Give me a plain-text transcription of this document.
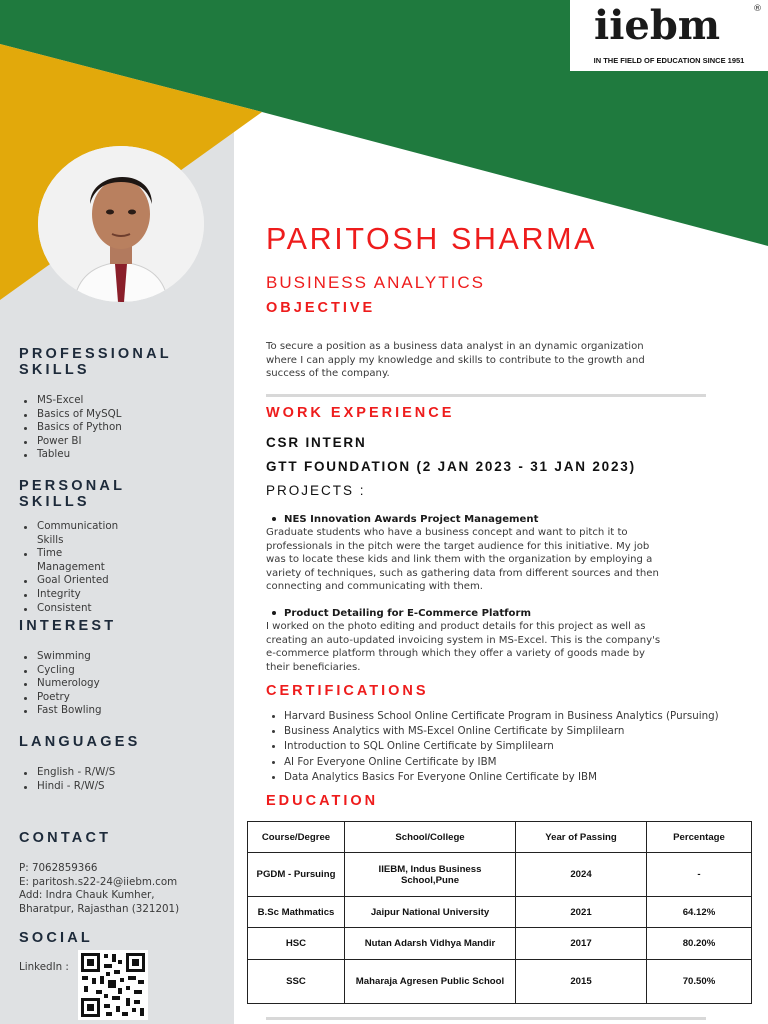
iiebm	®
IN THE FIELD OF EDUCATION SINCE 1951
PROFESSIONAL
SKILLS
MS-Excel
Basics of MySQL
Basics of Python
Power BI
Tableu
PERSONAL
SKILLS
Communication Skills
Time Management
Goal Oriented
Integrity
Consistent
INTEREST
Swimming
Cycling
Numerology
Poetry
Fast Bowling
LANGUAGES
English - R/W/S
Hindi - R/W/S
CONTACT
P: 7062859366
E: paritosh.s22-24@iiebm.com
Add: Indra Chauk Kumher,
Bharatpur, Rajasthan (321201)
SOCIAL
LinkedIn :
PARITOSH SHARMA
BUSINESS ANALYTICS
OBJECTIVE
To secure a position as a business data analyst in an dynamic organization
where I can apply my knowledge and skills to contribute to the growth and
success of the company.
WORK EXPERIENCE
CSR INTERN
GTT FOUNDATION (2 JAN 2023 - 31 JAN 2023)
PROJECTS :
NES Innovation Awards Project Management
Graduate students who have a business concept and want to pitch it to
professionals in the pitch were the target audience for this initiative. My job
was to locate these kids and link them with the organization by employing a
variety of techniques, such as gathering data from different sources and then
connecting and communicating with them.
Product Detailing for E-Commerce Platform
I worked on the photo editing and product details for this project as well as
creating an auto-updated invoicing system in MS-Excel. This is the company's
e-commerce platform through which they offer a variety of goods made by
their beneficiaries.
CERTIFICATIONS
Harvard Business School Online Certificate Program in Business Analytics (Pursuing)
Business Analytics with MS-Excel Online Certificate by Simplilearn
Introduction to SQL Online Certificate by Simplilearn
AI For Everyone Online Certificate by IBM
Data Analytics Basics For Everyone Online Certificate by IBM
EDUCATION
Course/Degree	School/College	Year of Passing	Percentage
PGDM - Pursuing	IIEBM, Indus Business
School,Pune	2024	-
B.Sc Mathmatics	Jaipur National University	2021	64.12%
HSC	Nutan Adarsh Vidhya Mandir	2017	80.20%
SSC	Maharaja Agresen Public School	2015	70.50%
